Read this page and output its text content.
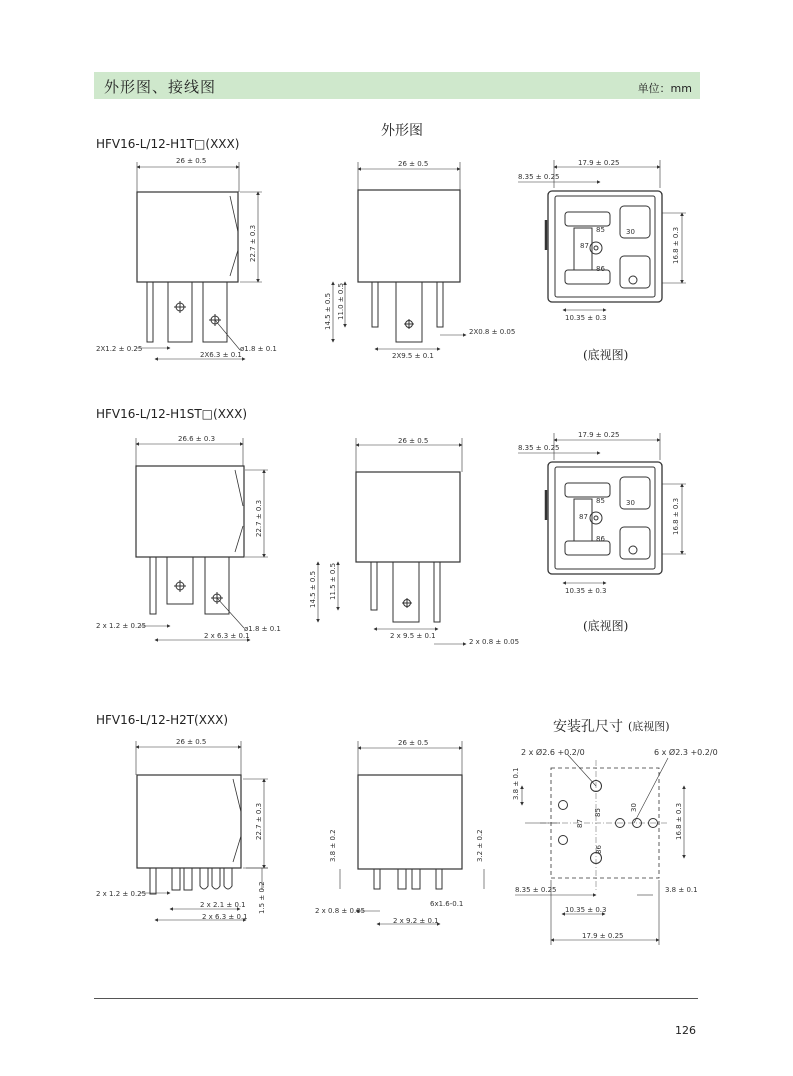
外形图、接线图	单位：mm
外形图
HFV16-L/12-H1T□(XXX)
HFV16-L/12-H1ST□(XXX)
HFV16-L/12-H2T(XXX)
(底视图)
(底视图)
安装孔尺寸 (底视图)
26 ± 0.5
22.7 ± 0.3
2X1.2 ± 0.25
2X6.3 ± 0.1
ø1.8 ± 0.1
26 ± 0.5
14.5 ± 0.5 11.0 ± 0.5
2X0.8 ± 0.05
2X9.5 ± 0.1
17.9 ± 0.25
8.35 ± 0.25
85
87
86
30	16.8 ± 0.3
10.35 ± 0.3
26.6 ± 0.3
22.7 ± 0.3
2 x 1.2 ± 0.25
2 x 6.3 ± 0.1
ø1.8 ± 0.1
26 ± 0.5
14.5 ± 0.5 11.5 ± 0.5
2 x 9.5 ± 0.1
2 x 0.8 ± 0.05
17.9 ± 0.25
8.35 ± 0.25
85
87
86
30	16.8 ± 0.3
10.35 ± 0.3
26 ± 0.5
22.7 ± 0.3
1.5 ± 0.2
2 x 1.2 ± 0.25
2 x 2.1 ± 0.1
2 x 6.3 ± 0.1
26 ± 0.5
3.8 ± 0.2	3.2 ± 0.2
2 x 0.8 ± 0.05
6x1.6-0.1
2 x 9.2 ± 0.1
2 x Ø2.6 +0.2/0	6 x Ø2.3 +0.2/0
85
87
86
30
3.8 ± 0.1
16.8 ± 0.3
8.35 ± 0.25	3.8 ± 0.1
10.35 ± 0.3
17.9 ± 0.25
126
